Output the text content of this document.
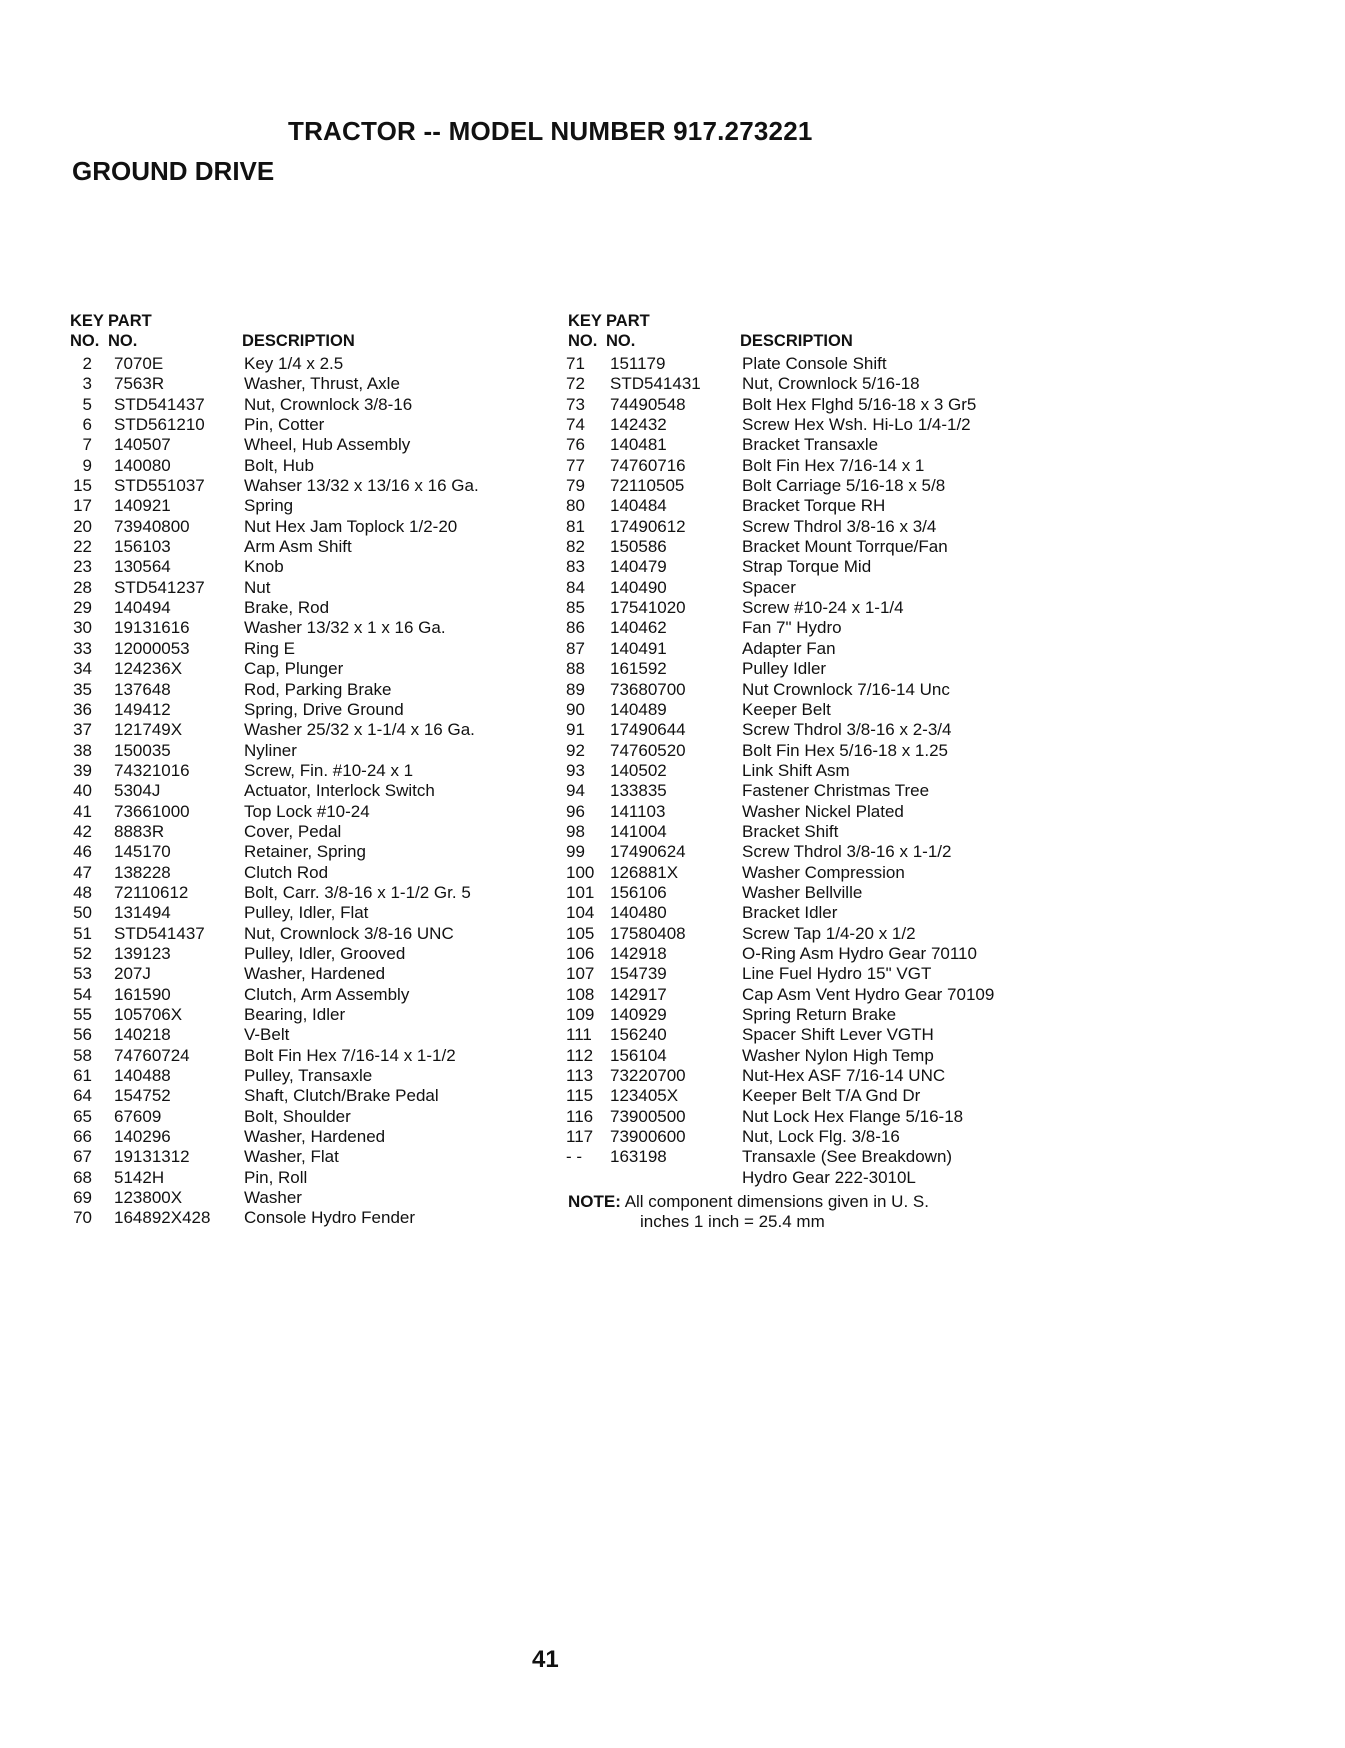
TRACTOR -- MODEL NUMBER 917.273221
GROUND DRIVE
KEY PART
NO. NO.	DESCRIPTION
2 7070E	Key 1/4 x 2.5
3 7563R	Washer, Thrust, Axle
5 STD541437 Nut, Crownlock 3/8-16
6 STD561210 Pin, Cotter
7 140507	Wheel, Hub Assembly
9 140080	Bolt, Hub
15 STD551037 Wahser 13/32 x 13/16 x 16 Ga.
17 140921	Spring
20 73940800	Nut Hex Jam Toplock 1/2-20
22 156103	Arm Asm Shift
23 130564	Knob
28 STD541237 Nut
29 140494	Brake, Rod
30 19131616	Washer 13/32 x 1 x 16 Ga.
33 12000053	Ring E
34 124236X	Cap, Plunger
35 137648	Rod, Parking Brake
36 149412	Spring, Drive Ground
37 121749X	Washer 25/32 x 1-1/4 x 16 Ga.
38 150035	Nyliner
39 74321016	Screw, Fin. #10-24 x 1
40 5304J	Actuator, Interlock Switch
41 73661000	Top Lock #10-24
42 8883R	Cover, Pedal
46 145170	Retainer, Spring
47 138228	Clutch Rod
48 72110612	Bolt, Carr. 3/8-16 x 1-1/2 Gr. 5
50 131494	Pulley, Idler, Flat
51 STD541437 Nut, Crownlock 3/8-16 UNC
52 139123	Pulley, Idler, Grooved
53 207J	Washer, Hardened
54 161590	Clutch, Arm Assembly
55 105706X	Bearing, Idler
56 140218	V-Belt
58 74760724	Bolt Fin Hex 7/16-14 x 1-1/2
61 140488	Pulley, Transaxle
64 154752	Shaft, Clutch/Brake Pedal
65 67609	Bolt, Shoulder
66 140296	Washer, Hardened
67 19131312	Washer, Flat
68 5142H	Pin, Roll
69 123800X	Washer
70 164892X428 Console Hydro Fender
KEY PART
NO. NO.	DESCRIPTION
71	151179	Plate Console Shift
72	STD541431 Nut, Crownlock 5/16-18
73	74490548	Bolt Hex Flghd 5/16-18 x 3 Gr5
74	142432	Screw Hex Wsh. Hi-Lo 1/4-1/2
76	140481	Bracket Transaxle
77	74760716	Bolt Fin Hex 7/16-14 x 1
79	72110505	Bolt Carriage 5/16-18 x 5/8
80	140484	Bracket Torque RH
81	17490612	Screw Thdrol 3/8-16 x 3/4
82	150586	Bracket Mount Torrque/Fan
83	140479	Strap Torque Mid
84	140490	Spacer
85	17541020	Screw #10-24 x 1-1/4
86	140462	Fan 7" Hydro
87	140491	Adapter Fan
88	161592	Pulley Idler
89	73680700	Nut Crownlock 7/16-14 Unc
90	140489	Keeper Belt
91	17490644	Screw Thdrol 3/8-16 x 2-3/4
92	74760520	Bolt Fin Hex 5/16-18 x 1.25
93	140502	Link Shift Asm
94	133835	Fastener Christmas Tree
96	141103	Washer Nickel Plated
98	141004	Bracket Shift
99	17490624	Screw Thdrol 3/8-16 x 1-1/2
100 126881X	Washer Compression
101 156106	Washer Bellville
104 140480	Bracket Idler
105 17580408	Screw Tap 1/4-20 x 1/2
106 142918	O-Ring Asm Hydro Gear 70110
107 154739	Line Fuel Hydro 15" VGT
108 142917	Cap Asm Vent Hydro Gear 70109
109 140929	Spring Return Brake
111 156240	Spacer Shift Lever VGTH
112 156104	Washer Nylon High Temp
113 73220700	Nut-Hex ASF 7/16-14 UNC
115 123405X	Keeper Belt T/A Gnd Dr
116 73900500	Nut Lock Hex Flange 5/16-18
117 73900600	Nut, Lock Flg. 3/8-16
- -	163198	Transaxle (See Breakdown)
Hydro Gear 222-3010L
NOTE: All component dimensions given in U. S.
inches 1 inch = 25.4 mm
41
